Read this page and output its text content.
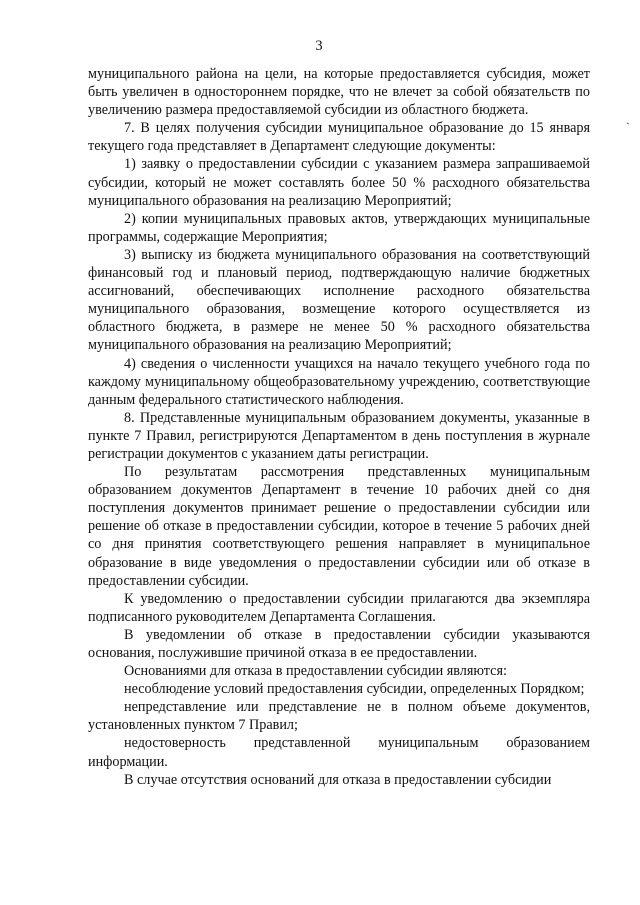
3

муниципального района на цели, на которые предоставляется субсидия, может быть увеличен в одностороннем порядке, что не влечет за собой обязательств по увеличению размера предоставляемой субсидии из областного бюджета.

7. В целях получения субсидии муниципальное образование до 15 января текущего года представляет в Департамент следующие документы:

1) заявку о предоставлении субсидии с указанием размера запрашиваемой субсидии, который не может составлять более 50 % расходного обязательства муниципального образования на реализацию Мероприятий;

2) копии муниципальных правовых актов, утверждающих муниципальные программы, содержащие Мероприятия;

3) выписку из бюджета муниципального образования на соответствующий финансовый год и плановый период, подтверждающую наличие бюджетных ассигнований, обеспечивающих исполнение расходного обязательства муниципального образования, возмещение которого осуществляется из областного бюджета, в размере не менее 50 % расходного обязательства муниципального образования на реализацию Мероприятий;

4) сведения о численности учащихся на начало текущего учебного года по каждому муниципальному общеобразовательному учреждению, соответствующие данным федерального статистического наблюдения.

8. Представленные муниципальным образованием документы, указанные в пункте 7 Правил, регистрируются Департаментом в день поступления в журнале регистрации документов с указанием даты регистрации.

По результатам рассмотрения представленных муниципальным образованием документов Департамент в течение 10 рабочих дней со дня поступления документов принимает решение о предоставлении субсидии или решение об отказе в предоставлении субсидии, которое в течение 5 рабочих дней со дня принятия соответствующего решения направляет в муниципальное образование в виде уведомления о предоставлении субсидии или об отказе в предоставлении субсидии.

К уведомлению о предоставлении субсидии прилагаются два экземпляра подписанного руководителем Департамента Соглашения.

В уведомлении об отказе в предоставлении субсидии указываются основания, послужившие причиной отказа в ее предоставлении.

Основаниями для отказа в предоставлении субсидии являются:

несоблюдение условий предоставления субсидии, определенных Порядком;

непредставление или представление не в полном объеме документов, установленных пунктом 7 Правил;

недостоверность представленной муниципальным образованием информации.

В случае отсутствия оснований для отказа в предоставлении субсидии

`
